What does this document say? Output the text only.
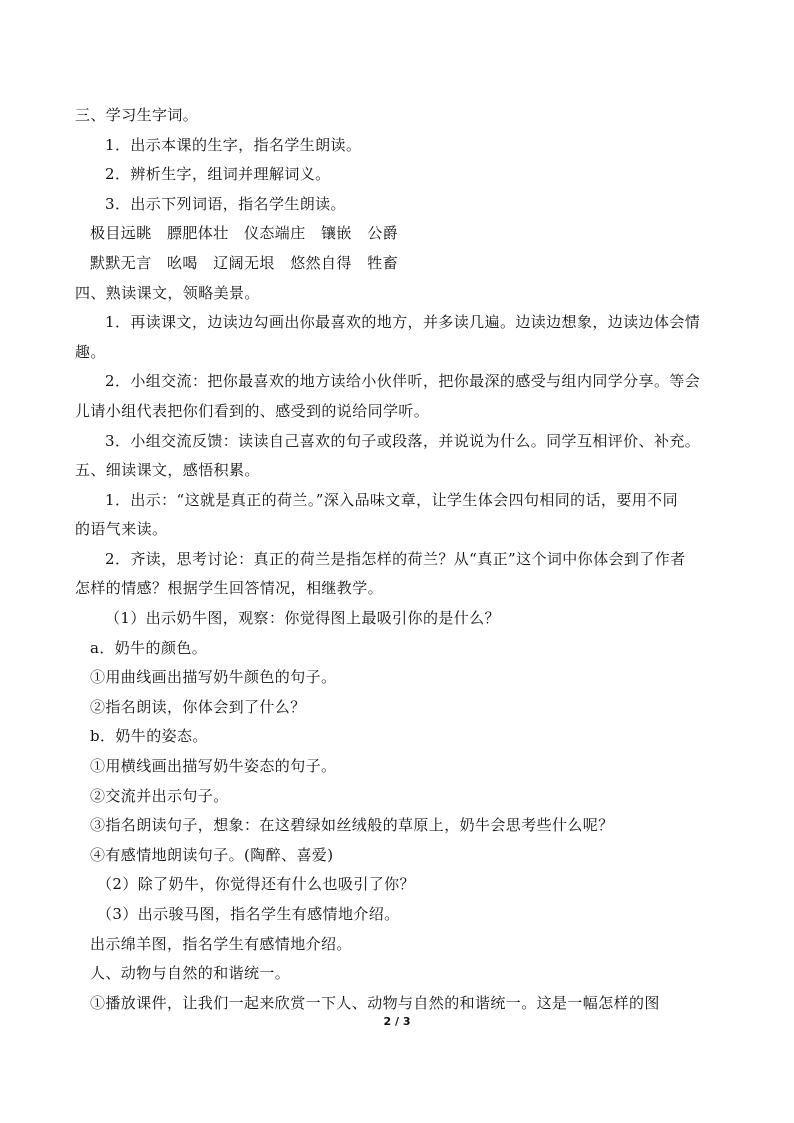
三、学习生字词。
1．出示本课的生字，指名学生朗读。
2．辨析生字，组词并理解词义。
3．出示下列词语，指名学生朗读。
极目远眺　膘肥体壮　仪态端庄　镶嵌　公爵
默默无言　吆喝　辽阔无垠　悠然自得　牲畜
四、熟读课文，领略美景。
1．再读课文，边读边勾画出你最喜欢的地方，并多读几遍。边读边想象，边读边体会情
趣。
2．小组交流：把你最喜欢的地方读给小伙伴听，把你最深的感受与组内同学分享。等会
儿请小组代表把你们看到的、感受到的说给同学听。
3．小组交流反馈：读读自己喜欢的句子或段落，并说说为什么。同学互相评价、补充。
五、细读课文，感悟积累。
1．出示：“这就是真正的荷兰。”深入品味文章，让学生体会四句相同的话，要用不同
的语气来读。
2．齐读，思考讨论：真正的荷兰是指怎样的荷兰？从“真正”这个词中你体会到了作者
怎样的情感？根据学生回答情况，相继教学。
（1）出示奶牛图，观察：你觉得图上最吸引你的是什么？
a．奶牛的颜色。
①用曲线画出描写奶牛颜色的句子。
②指名朗读，你体会到了什么？
b．奶牛的姿态。
①用横线画出描写奶牛姿态的句子。
②交流并出示句子。
③指名朗读句子，想象：在这碧绿如丝绒般的草原上，奶牛会思考些什么呢？
④有感情地朗读句子。(陶醉、喜爱)
（2）除了奶牛，你觉得还有什么也吸引了你？
（3）出示骏马图，指名学生有感情地介绍。
出示绵羊图，指名学生有感情地介绍。
人、动物与自然的和谐统一。
①播放课件，让我们一起来欣赏一下人、动物与自然的和谐统一。这是一幅怎样的图
2 / 3
